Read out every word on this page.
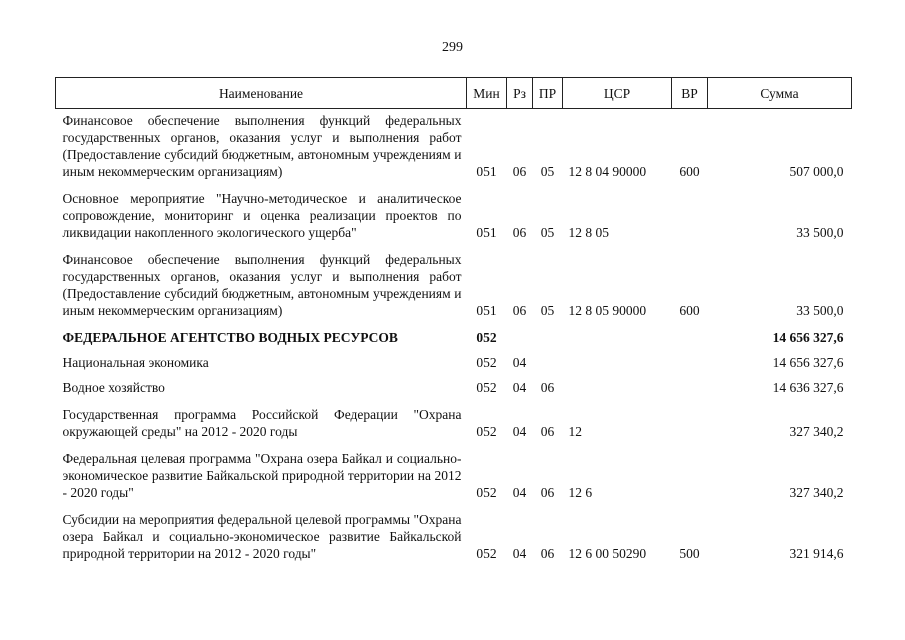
299
Наименование	Мин	Рз	ПР	ЦСР	ВР	Сумма
Финансовое обеспечение выполнения функций федеральных государственных органов, оказания услуг и выполнения работ (Предоставление субсидий бюджетным, автономным учреждениям и иным некоммерческим организациям)	051	06	05	12 8 04 90000	600	507 000,0
Основное мероприятие "Научно-методическое и аналитическое сопровождение, мониторинг и оценка реализации проектов по ликвидации накопленного экологического ущерба"	051	06	05	12 8 05		33 500,0
Финансовое обеспечение выполнения функций федеральных государственных органов, оказания услуг и выполнения работ (Предоставление субсидий бюджетным, автономным учреждениям и иным некоммерческим организациям)	051	06	05	12 8 05 90000	600	33 500,0
ФЕДЕРАЛЬНОЕ АГЕНТСТВО ВОДНЫХ РЕСУРСОВ	052					14 656 327,6
Национальная экономика	052	04				14 656 327,6
Водное хозяйство	052	04	06			14 636 327,6
Государственная программа Российской Федерации "Охрана окружающей среды" на 2012 - 2020 годы	052	04	06	12		327 340,2
Федеральная целевая программа "Охрана озера Байкал и социально-экономическое развитие Байкальской природной территории на 2012 - 2020 годы"	052	04	06	12 6		327 340,2
Субсидии на мероприятия федеральной целевой программы "Охрана озера Байкал и социально-экономическое развитие Байкальской природной территории на 2012 - 2020 годы"	052	04	06	12 6 00 50290	500	321 914,6
